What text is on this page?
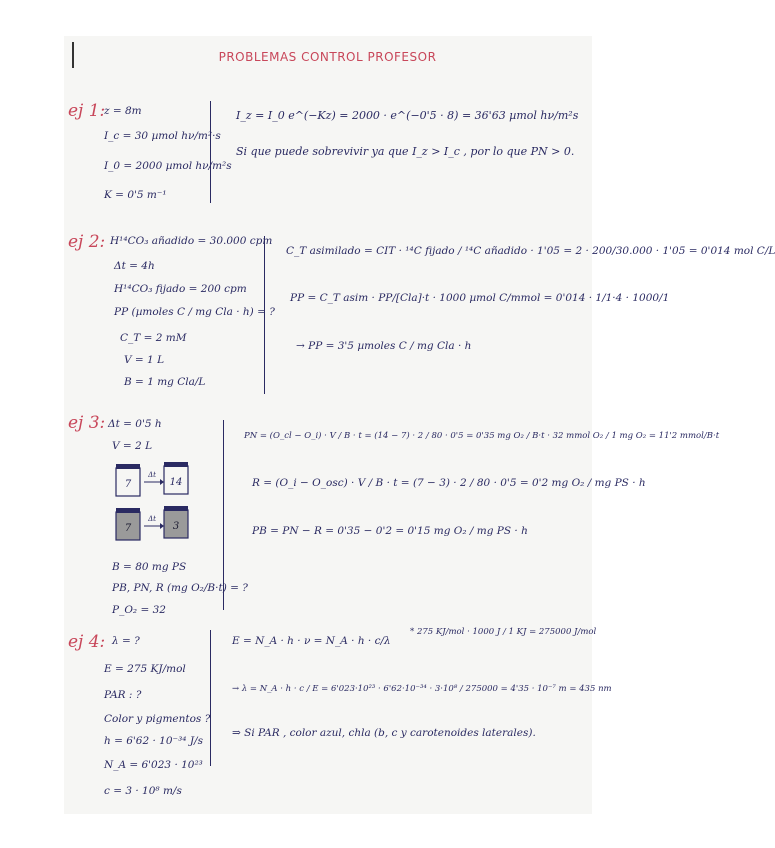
PROBLEMAS CONTROL PROFESOR
ej 1:
z = 8m
I_c = 30 µmol hν/m²·s
I_0 = 2000 µmol hν/m²s
K = 0'5 m⁻¹
I_z = I_0 e^(−Kz) = 2000 · e^(−0'5 · 8) = 36'63 µmol hν/m²s
Si que puede sobrevivir ya que I_z > I_c , por lo que PN > 0.
ej 2: H¹⁴CO₃ añadido = 30.000 cpm
Δt = 4h
H¹⁴CO₃ fijado = 200 cpm
PP (µmoles C / mg Cla · h) = ?
C_T = 2 mM
V = 1 L
B = 1 mg Cla/L
C_T asimilado = CIT · ¹⁴C fijado / ¹⁴C añadido · 1'05 = 2 · 200/30.000 · 1'05 = 0'014 mol C/L
PP = C_T asim · PP/[Cla]·t · 1000 µmol C/mmol = 0'014 · 1/1·4 · 1000/1
→ PP = 3'5 µmoles C / mg Cla · h
ej 3: Δt = 0'5 h
V = 2 L
7	14
Δt
7	3
Δt
B = 80 mg PS
PB, PN, R (mg O₂/B·t) = ?
P_O₂ = 32
PN = (O_cl − O_i) · V / B · t = (14 − 7) · 2 / 80 · 0'5 = 0'35 mg O₂ / B·t · 32 mmol O₂ / 1 mg O₂ = 11'2 mmol/B·t
R = (O_i − O_osc) · V / B · t = (7 − 3) · 2 / 80 · 0'5 = 0'2 mg O₂ / mg PS · h
PB = PN − R = 0'35 − 0'2 = 0'15 mg O₂ / mg PS · h
ej 4: λ = ?
E = 275 KJ/mol
PAR : ?
Color y pigmentos ?
h = 6'62 · 10⁻³⁴ J/s
N_A = 6'023 · 10²³
c = 3 · 10⁸ m/s
E = N_A · h · ν = N_A · h · c/λ
* 275 KJ/mol · 1000 J / 1 KJ = 275000 J/mol
→ λ = N_A · h · c / E = 6'023·10²³ · 6'62·10⁻³⁴ · 3·10⁸ / 275000 = 4'35 · 10⁻⁷ m = 435 nm
⇒ Si PAR , color azul, chla (b, c y carotenoides laterales).
